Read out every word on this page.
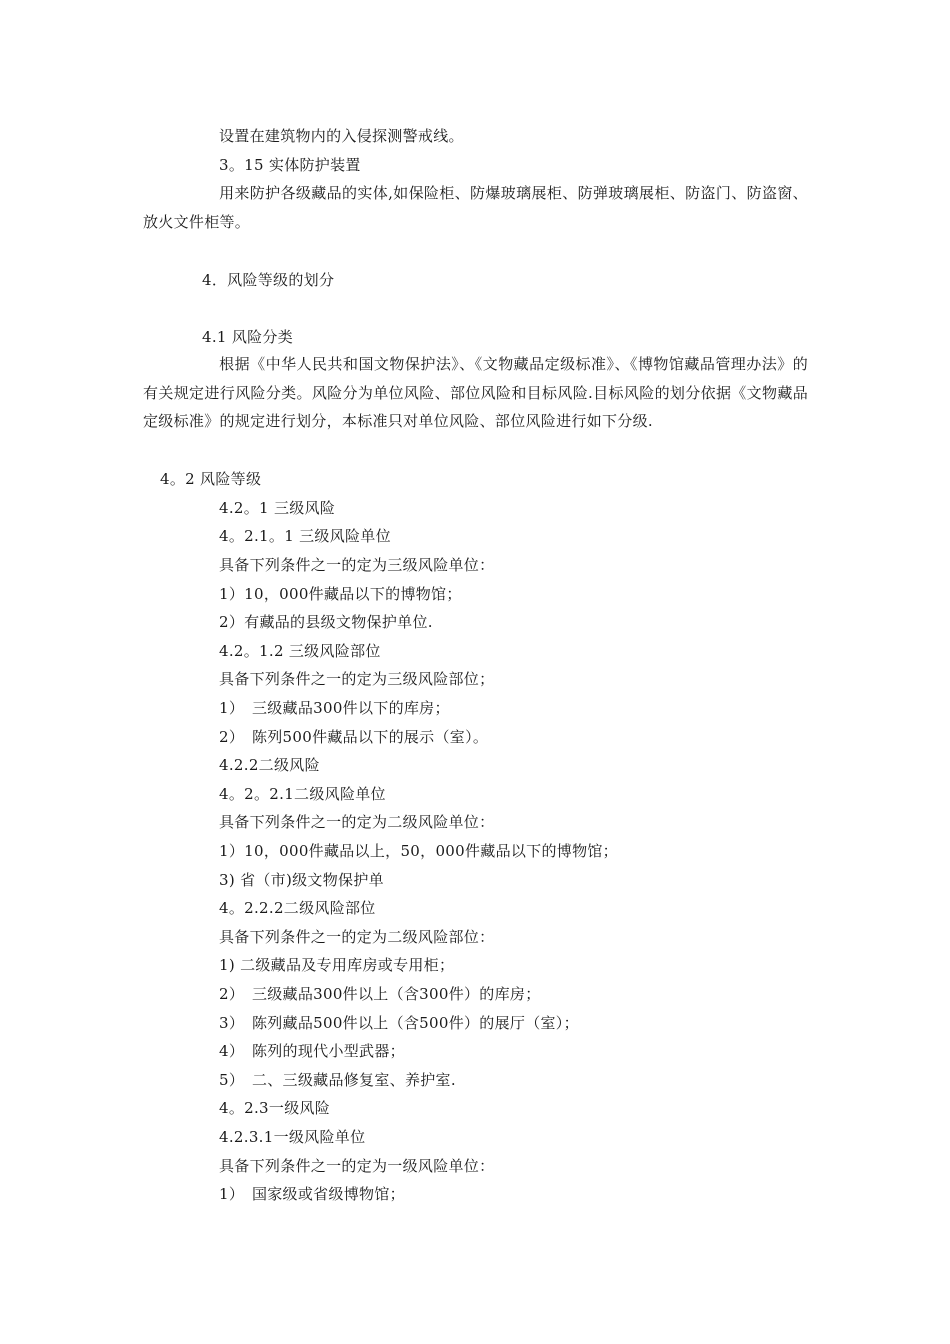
设置在建筑物内的入侵探测警戒线。
3。15 实体防护装置
用来防护各级藏品的实体,如保险柜、防爆玻璃展柜、防弹玻璃展柜、防盗门、防盗窗、放火文件柜等。
4．风险等级的划分
4.1 风险分类
根据《中华人民共和国文物保护法》、《文物藏品定级标准》、《博物馆藏品管理办法》的有关规定进行风险分类。风险分为单位风险、部位风险和目标风险.目标风险的划分依据《文物藏品定级标准》的规定进行划分，本标准只对单位风险、部位风险进行如下分级.
4。2 风险等级
4.2。1 三级风险
4。2.1。1 三级风险单位
具备下列条件之一的定为三级风险单位：
1）10，000件藏品以下的博物馆；
2）有藏品的县级文物保护单位.
4.2。1.2 三级风险部位
具备下列条件之一的定为三级风险部位；
1）　三级藏品300件以下的库房；
2）　陈列500件藏品以下的展示（室）。
4.2.2二级风险
4。2。2.1二级风险单位
具备下列条件之一的定为二级风险单位：
1）10，000件藏品以上，50，000件藏品以下的博物馆；
3) 省（市)级文物保护单
4。2.2.2二级风险部位
具备下列条件之一的定为二级风险部位：
1) 二级藏品及专用库房或专用柜；
2）　三级藏品300件以上（含300件）的库房；
3）　陈列藏品500件以上（含500件）的展厅（室）；
4）　陈列的现代小型武器；
5）　二、三级藏品修复室、养护室.
4。2.3一级风险
4.2.3.1一级风险单位
具备下列条件之一的定为一级风险单位：
1）　国家级或省级博物馆；
